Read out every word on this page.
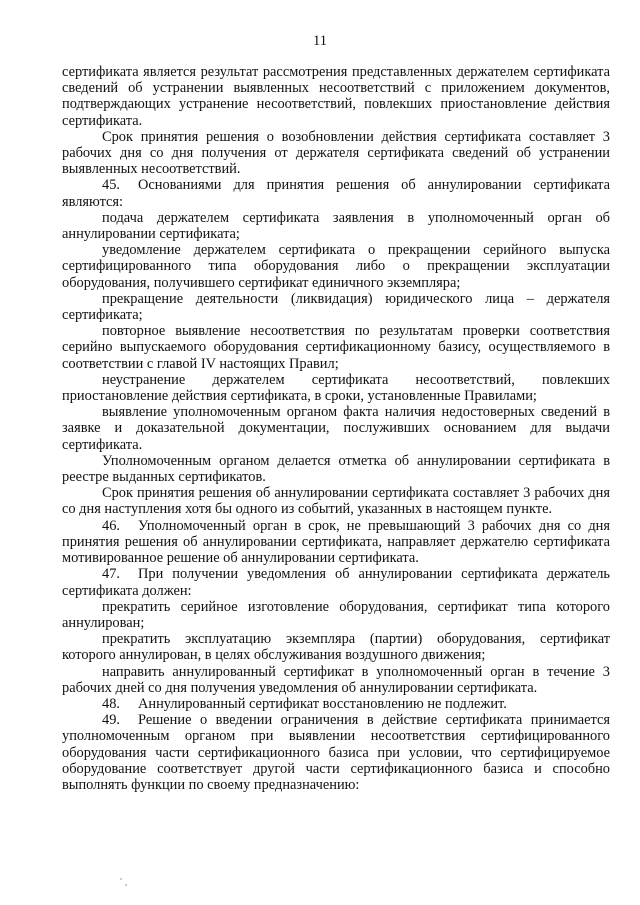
11

сертификата является результат рассмотрения представленных держателем сертификата сведений об устранении выявленных несоответствий с приложением документов, подтверждающих устранение несоответствий, повлекших приостановление действия сертификата.

Срок принятия решения о возобновлении действия сертификата составляет 3 рабочих дня со дня получения от держателя сертификата сведений об устранении выявленных несоответствий.

45. Основаниями для принятия решения об аннулировании сертификата являются:

подача держателем сертификата заявления в уполномоченный орган об аннулировании сертификата;

уведомление держателем сертификата о прекращении серийного выпуска сертифицированного типа оборудования либо о прекращении эксплуатации оборудования, получившего сертификат единичного экземпляра;

прекращение деятельности (ликвидация) юридического лица – держателя сертификата;

повторное выявление несоответствия по результатам проверки соответствия серийно выпускаемого оборудования сертификационному базису, осуществляемого в соответствии с главой IV настоящих Правил;

неустранение держателем сертификата несоответствий, повлекших приостановление действия сертификата, в сроки, установленные Правилами;

выявление уполномоченным органом факта наличия недостоверных сведений в заявке и доказательной документации, послуживших основанием для выдачи сертификата.

Уполномоченным органом делается отметка об аннулировании сертификата в реестре выданных сертификатов.

Срок принятия решения об аннулировании сертификата составляет 3 рабочих дня со дня наступления хотя бы одного из событий, указанных в настоящем пункте.

46. Уполномоченный орган в срок, не превышающий 3 рабочих дня со дня принятия решения об аннулировании сертификата, направляет держателю сертификата мотивированное решение об аннулировании сертификата.

47. При получении уведомления об аннулировании сертификата держатель сертификата должен:

прекратить серийное изготовление оборудования, сертификат типа которого аннулирован;

прекратить эксплуатацию экземпляра (партии) оборудования, сертификат которого аннулирован, в целях обслуживания воздушного движения;

направить аннулированный сертификат в уполномоченный орган в течение 3 рабочих дней со дня получения уведомления об аннулировании сертификата.

48. Аннулированный сертификат восстановлению не подлежит.

49. Решение о введении ограничения в действие сертификата принимается уполномоченным органом при выявлении несоответствия сертифицированного оборудования части сертификационного базиса при условии, что сертифицируемое оборудование соответствует другой части сертификационного базиса и способно выполнять функции по своему предназначению:
